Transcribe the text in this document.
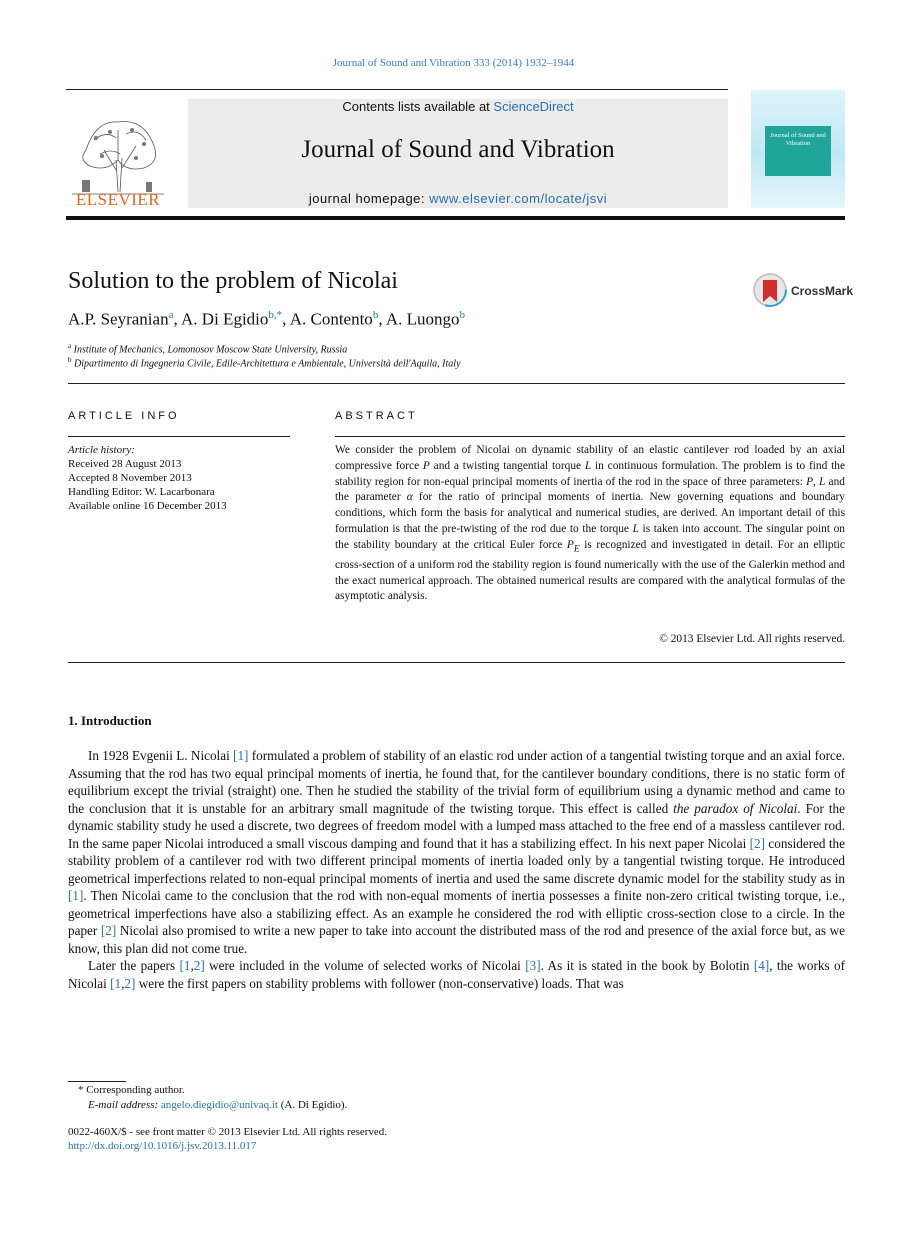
Journal of Sound and Vibration 333 (2014) 1932–1944
ELSEVIER
Contents lists available at ScienceDirect
Journal of Sound and Vibration
journal homepage: www.elsevier.com/locate/jsvi
Journal of Sound and Vibration
Solution to the problem of Nicolai	CrossMark
A.P. Seyranian$^a$, A. Di Egidio$^{b,*}$, A. Contento$^b$, A. Luongo$^b$
$^a$ Institute of Mechanics, Lomonosov Moscow State University, Russia
$^b$ Dipartimento di Ingegneria Civile, Edile-Architettura e Ambientale, Università dell'Aquila, Italy
ARTICLE INFO
Article history:
Received 28 August 2013
Accepted 8 November 2013
Handling Editor: W. Lacarbonara
Available online 16 December 2013
ABSTRACT
We consider the problem of Nicolai on dynamic stability of an elastic cantilever rod loaded by an axial compressive force P and a twisting tangential torque L in continuous formulation. The problem is to find the stability region for non-equal principal moments of inertia of the rod in the space of three parameters: P, L and the parameter α for the ratio of principal moments of inertia. New governing equations and boundary conditions, which form the basis for analytical and numerical studies, are derived. An important detail of this formulation is that the pre-twisting of the rod due to the torque L is taken into account. The singular point on the stability boundary at the critical Euler force $P_E$ is recognized and investigated in detail. For an elliptic cross-section of a uniform rod the stability region is found numerically with the use of the Galerkin method and the exact numerical approach. The obtained numerical results are compared with the analytical formulas of the asymptotic analysis.
© 2013 Elsevier Ltd. All rights reserved.
1. Introduction

In 1928 Evgenii L. Nicolai [1] formulated a problem of stability of an elastic rod under action of a tangential twisting torque and an axial force. Assuming that the rod has two equal principal moments of inertia, he found that, for the cantilever boundary conditions, there is no static form of equilibrium except the trivial (straight) one. Then he studied the stability of the trivial form of equilibrium using a dynamic method and came to the conclusion that it is unstable for an arbitrary small magnitude of the twisting torque. This effect is called the paradox of Nicolai. For the dynamic stability study he used a discrete, two degrees of freedom model with a lumped mass attached to the free end of a massless cantilever rod. In the same paper Nicolai introduced a small viscous damping and found that it has a stabilizing effect. In his next paper Nicolai [2] considered the stability problem of a cantilever rod with two different principal moments of inertia loaded only by a tangential twisting torque. He introduced geometrical imperfections related to non-equal principal moments of inertia and used the same discrete dynamic model for the stability study as in [1]. Then Nicolai came to the conclusion that the rod with non-equal moments of inertia possesses a finite non-zero critical twisting torque, i.e., geometrical imperfections have also a stabilizing effect. As an example he considered the rod with elliptic cross-section close to a circle. In the paper [2] Nicolai also promised to write a new paper to take into account the distributed mass of the rod and presence of the axial force but, as we know, this plan did not come true.

Later the papers [1,2] were included in the volume of selected works of Nicolai [3]. As it is stated in the book by Bolotin [4], the works of Nicolai [1,2] were the first papers on stability problems with follower (non-conservative) loads. That was

* Corresponding author.
E-mail address: angelo.diegidio@univaq.it (A. Di Egidio).
0022-460X/$ - see front matter © 2013 Elsevier Ltd. All rights reserved.
http://dx.doi.org/10.1016/j.jsv.2013.11.017
